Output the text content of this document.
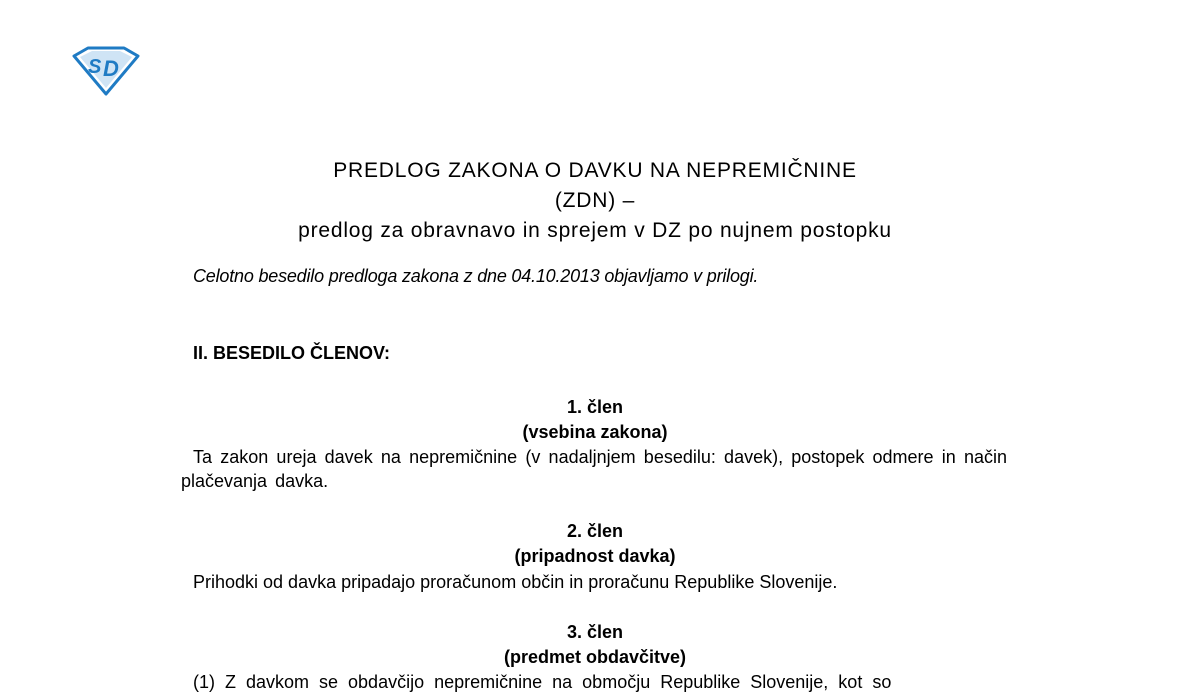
S D
PREDLOG ZAKONA O DAVKU NA NEPREMIČNINE
(ZDN) –
predlog za obravnavo in sprejem v DZ po nujnem postopku
Celotno besedilo predloga zakona z dne 04.10.2013 objavljamo v prilogi.
II. BESEDILO ČLENOV:
1. člen
(vsebina zakona)
Ta zakon ureja davek na nepremičnine (v nadaljnjem besedilu: davek), postopek odmere in način plačevanja davka.
2. člen
(pripadnost davka)
Prihodki od davka pripadajo proračunom občin in proračunu Republike Slovenije.
3. člen
(predmet obdavčitve)
(1) Z davkom se obdavčijo nepremičnine na območju Republike Slovenije, kot so
